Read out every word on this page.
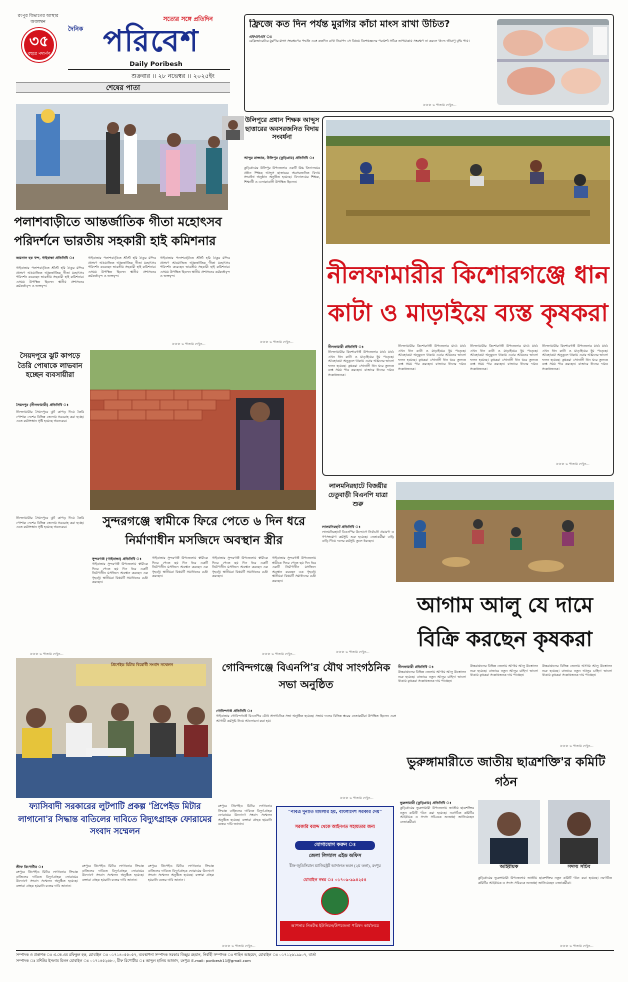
রংপুর বিভাগের আস্থার অবলম্বন
৩৫
বছরে পদার্পণ
সত্যের সঙ্গে প্রতিদিন
দৈনিক পরিবেশ
Daily Poribesh
শুক্রবার ।। ২৮ নভেম্বর ।। ২০২৫ইং
শেষের পাতা
ফ্রিজে কত দিন পর্যন্ত মুরগির কাঁচা মাংস রাখা উচিত?
এফএনএস ঃ
রেফ্রিজারেটরে মুরগির মাংস সংরক্ষণের পদ্ধতি এবং কতদিন রাখা নিরাপদ সে বিষয়ে বিশেষজ্ঞদের পরামর্শ। সঠিক তাপমাত্রায় সংরক্ষণ না করলে খাদ্যে জীবাণু বৃদ্ধি পায়।
>>> ৬ পাতায় দেখুন...
পলাশবাড়ীতে আন্তর্জাতিক গীতা মহোৎসব পরিদর্শনে ভারতীয় সহকারী হাই কমিশনার
জয়নাল হক খন্দ, গাইবান্ধা প্রতিনিধি ঃ
গাইবান্ধার পলাশবাড়ীতে শ্রীশ্রী হরি ঠাকুর মন্দির প্রাঙ্গণে আয়োজিত আন্তর্জাতিক গীতা মহোৎসব পরিদর্শন করেছেন ভারতীয় সহকারী হাই কমিশনার। এসময় উপস্থিত ছিলেন স্থানীয় প্রশাসনের কর্মকর্তাবৃন্দ ও ভক্তবৃন্দ।
গাইবান্ধার পলাশবাড়ীতে শ্রীশ্রী হরি ঠাকুর মন্দির প্রাঙ্গণে আয়োজিত আন্তর্জাতিক গীতা মহোৎসব পরিদর্শন করেছেন ভারতীয় সহকারী হাই কমিশনার। এসময় উপস্থিত ছিলেন স্থানীয় প্রশাসনের কর্মকর্তাবৃন্দ ও ভক্তবৃন্দ।
গাইবান্ধার পলাশবাড়ীতে শ্রীশ্রী হরি ঠাকুর মন্দির প্রাঙ্গণে আয়োজিত আন্তর্জাতিক গীতা মহোৎসব পরিদর্শন করেছেন ভারতীয় সহকারী হাই কমিশনার। এসময় উপস্থিত ছিলেন স্থানীয় প্রশাসনের কর্মকর্তাবৃন্দ ও ভক্তবৃন্দ।
>>> ৬ পাতায় দেখুন...
উলিপুরে প্রধান শিক্ষক আব্দুস ছাত্তারের অবসরজনিত বিদায় সংবর্ধনা
আব্দুর রাজ্জাক, উলিপুর (কুড়িগ্রাম) প্রতিনিধি ঃ
কুড়িগ্রামের উলিপুর উপজেলার একটি উচ্চ বিদ্যালয়ের প্রধান শিক্ষক আব্দুস ছাত্তারের অবসরজনিত বিদায় সংবর্ধনা অনুষ্ঠান অনুষ্ঠিত হয়েছে। বিদ্যালয়ের শিক্ষক, শিক্ষার্থী ও এলাকাবাসী উপস্থিত ছিলেন।
>>> ৬ পাতায় দেখুন...
নীলফামারীর কিশোরগঞ্জে ধান কাটা ও মাড়াইয়ে ব্যস্ত কৃষকরা
নীলফামারী প্রতিনিধি ঃ
নীলফামারীর কিশোরগঞ্জ উপজেলার মাঠে মাঠে এখন ধান কাটা ও মাড়াইয়ের ধুম পড়েছে। আবহাওয়া অনুকূলে থাকায় এবার আমনের ভালো ফলন হয়েছে। কৃষকরা সোনালী ধান ঘরে তুলতে ব্যস্ত সময় পার করছেন। বাজারে ধানের দামও সন্তোষজনক।
নীলফামারীর কিশোরগঞ্জ উপজেলার মাঠে মাঠে এখন ধান কাটা ও মাড়াইয়ের ধুম পড়েছে। আবহাওয়া অনুকূলে থাকায় এবার আমনের ভালো ফলন হয়েছে। কৃষকরা সোনালী ধান ঘরে তুলতে ব্যস্ত সময় পার করছেন। বাজারে ধানের দামও সন্তোষজনক।
নীলফামারীর কিশোরগঞ্জ উপজেলার মাঠে মাঠে এখন ধান কাটা ও মাড়াইয়ের ধুম পড়েছে। আবহাওয়া অনুকূলে থাকায় এবার আমনের ভালো ফলন হয়েছে। কৃষকরা সোনালী ধান ঘরে তুলতে ব্যস্ত সময় পার করছেন। বাজারে ধানের দামও সন্তোষজনক।
নীলফামারীর কিশোরগঞ্জ উপজেলার মাঠে মাঠে এখন ধান কাটা ও মাড়াইয়ের ধুম পড়েছে। আবহাওয়া অনুকূলে থাকায় এবার আমনের ভালো ফলন হয়েছে। কৃষকরা সোনালী ধান ঘরে তুলতে ব্যস্ত সময় পার করছেন। বাজারে ধানের দামও সন্তোষজনক।
>>> ৬ পাতায় দেখুন...
সৈয়দপুরে ঝুট কাপড়ে তৈরি পোষাকে লাভবান হচ্ছেন ব্যবসায়ীরা
সৈয়দপুর (নীলফামারী) প্রতিনিধি ঃ
নীলফামারীর সৈয়দপুরে ঝুট কাপড় দিয়ে তৈরি পোশাক দেশের বিভিন্ন জেলায় সরবরাহ করা হচ্ছে। এতে কর্মসংস্থান সৃষ্টি হয়েছে অনেকের।
সুন্দরগঞ্জে স্বামীকে ফিরে পেতে ৬ দিন ধরে নির্মাণাধীন মসজিদে অবস্থান স্ত্রীর
সুন্দরগঞ্জ (গাইবান্ধা) প্রতিনিধি ঃ
গাইবান্ধার সুন্দরগঞ্জ উপজেলায় স্বামীকে ফিরে পেতে ছয় দিন ধরে একটি নির্মাণাধীন মসজিদে অবস্থান করছেন এক গৃহবধূ। স্থানীয়রা বিষয়টি সমাধানের চেষ্টা করছেন।
গাইবান্ধার সুন্দরগঞ্জ উপজেলায় স্বামীকে ফিরে পেতে ছয় দিন ধরে একটি নির্মাণাধীন মসজিদে অবস্থান করছেন এক গৃহবধূ। স্থানীয়রা বিষয়টি সমাধানের চেষ্টা করছেন।
গাইবান্ধার সুন্দরগঞ্জ উপজেলায় স্বামীকে ফিরে পেতে ছয় দিন ধরে একটি নির্মাণাধীন মসজিদে অবস্থান করছেন এক গৃহবধূ। স্থানীয়রা বিষয়টি সমাধানের চেষ্টা করছেন।
গাইবান্ধার সুন্দরগঞ্জ উপজেলায় স্বামীকে ফিরে পেতে ছয় দিন ধরে একটি নির্মাণাধীন মসজিদে অবস্থান করছেন এক গৃহবধূ। স্থানীয়রা বিষয়টি সমাধানের চেষ্টা করছেন।
>>> ৬ পাতায় দেখুন...
নীলফামারীর সৈয়দপুরে ঝুট কাপড় দিয়ে তৈরি পোশাক দেশের বিভিন্ন জেলায় সরবরাহ করা হচ্ছে। এতে কর্মসংস্থান সৃষ্টি হয়েছে অনেকের।
>>> ৬ পাতায় দেখুন...
লালমনিরহাটে বিজয়ীর চেতুবাড়ী বিএনপি যাত্রা শুরু
লালমনিরহাট প্রতিনিধি ঃ
লালমনিরহাটে বিএনপির উদ্যোগে নির্বাচনী প্রচারণা ও গণসংযোগ কর্মসূচি শুরু হয়েছে। নেতাকর্মীরা বাড়ি বাড়ি গিয়ে দলের কর্মসূচি তুলে ধরছেন।
>>> ৬ পাতায় দেখুন...
আগাম আলু যে দামে বিক্রি করছেন কৃষকরা
নীলফামারী প্রতিনিধি ঃ
উত্তরাঞ্চলের বিভিন্ন জেলায় আগাম আলু উত্তোলন শুরু হয়েছে। বাজারে নতুন আলুর চাহিদা ভালো থাকায় কৃষকরা সন্তোষজনক দাম পাচ্ছেন।
উত্তরাঞ্চলের বিভিন্ন জেলায় আগাম আলু উত্তোলন শুরু হয়েছে। বাজারে নতুন আলুর চাহিদা ভালো থাকায় কৃষকরা সন্তোষজনক দাম পাচ্ছেন।
উত্তরাঞ্চলের বিভিন্ন জেলায় আগাম আলু উত্তোলন শুরু হয়েছে। বাজারে নতুন আলুর চাহিদা ভালো থাকায় কৃষকরা সন্তোষজনক দাম পাচ্ছেন।
>>> ৬ পাতায় দেখুন...
প্রিপেইড মিটার বিরোধী সংবাদ সম্মেলন
ফ্যাসিবাদী সরকারের লুটপাটি প্রকল্প 'প্রিপেইড মিটার লাগানো'র সিদ্ধান্ত বাতিলের দাবিতে বিদ্যুৎগ্রাহক ফোরামের সংবাদ সম্মেলন
স্টাফ রিপোর্টার ঃ
রংপুরে প্রিপেইড মিটার লাগানোর সিদ্ধান্ত বাতিলের দাবিতে বিদ্যুৎগ্রাহক ফোরামের উদ্যোগে সংবাদ সম্মেলন অনুষ্ঠিত হয়েছে। বক্তারা গ্রাহক হয়রানি বন্ধের দাবি জানান।
রংপুরে প্রিপেইড মিটার লাগানোর সিদ্ধান্ত বাতিলের দাবিতে বিদ্যুৎগ্রাহক ফোরামের উদ্যোগে সংবাদ সম্মেলন অনুষ্ঠিত হয়েছে। বক্তারা গ্রাহক হয়রানি বন্ধের দাবি জানান।
রংপুরে প্রিপেইড মিটার লাগানোর সিদ্ধান্ত বাতিলের দাবিতে বিদ্যুৎগ্রাহক ফোরামের উদ্যোগে সংবাদ সম্মেলন অনুষ্ঠিত হয়েছে। বক্তারা গ্রাহক হয়রানি বন্ধের দাবি জানান।
রংপুরে প্রিপেইড মিটার লাগানোর সিদ্ধান্ত বাতিলের দাবিতে বিদ্যুৎগ্রাহক ফোরামের উদ্যোগে সংবাদ সম্মেলন অনুষ্ঠিত হয়েছে। বক্তারা গ্রাহক হয়রানি বন্ধের দাবি জানান।
>>> ৬ পাতায় দেখুন...
গোবিন্দগঞ্জে বিএনপি'র যৌথ সাংগঠনিক সভা অনুষ্ঠিত
গোবিন্দগঞ্জ প্রতিনিধি ঃ
গাইবান্ধার গোবিন্দগঞ্জে বিএনপির যৌথ সাংগঠনিক সভা অনুষ্ঠিত হয়েছে। সভায় দলের বিভিন্ন স্তরের নেতাকর্মীরা উপস্থিত ছিলেন এবং আগামী কর্মসূচি নিয়ে আলোচনা করা হয়।
>>> ৬ পাতায় দেখুন...
"পবিত্র দুর্নীতি মামলার হয়, বাংলাদেশ সরকার দেয়"
সরকারি বরাদ্দ থেকে আইনগত সহায়তার জন্য
যোগাযোগ করুন ঃ
জেলা লিগ্যাল এইড অফিস
চীফ জুডিসিয়াল ম্যাজিস্ট্রেট আদালত ভবন (২য় তলা), রংপুর
মোবাইল নম্বর ঃ ০১৭০৯-৯৯৪২৫৪
আপনার নিকটস্থ ইউনিয়ন/উপজেলা পরিষদ কার্যালয়ে
ভুরুঙ্গামারীতে জাতীয় ছাত্রশক্তি'র কমিটি গঠন
ভুরুঙ্গামারী (কুড়িগ্রাম) প্রতিনিধি ঃ
কুড়িগ্রামের ভুরুঙ্গামারী উপজেলায় জাতীয় ছাত্রশক্তির নতুন কমিটি গঠন করা হয়েছে। নবগঠিত কমিটির আহ্বায়ক ও সদস্য সচিবকে শুভেচ্ছা জানিয়েছেন নেতাকর্মীরা।
কুড়িগ্রামের ভুরুঙ্গামারী উপজেলায় জাতীয় ছাত্রশক্তির নতুন কমিটি গঠন করা হয়েছে। নবগঠিত কমিটির আহ্বায়ক ও সদস্য সচিবকে শুভেচ্ছা জানিয়েছেন নেতাকর্মীরা।
আহ্বায়ক	সদস্য সচিব
>>> ৬ পাতায় দেখুন...
সম্পাদক ও প্রকাশক ঃ এ.কে.এম রফিকুল হক, মোবাইল ঃ ০১৭১৪০৫৫০৫৭, ব্যবস্থাপনা সম্পাদক সরকার জিল্লুর রহমান, নির্বাহী সম্পাদক ঃ শাহিন আহমেদ, মোবাইল ঃ ০১৭১২৬১৯৯০৭, বার্তা
সম্পাদক ঃ মশিউর ইসলাম মিলন মোবাইল ঃ ০১৭১৪৫২৬৮০, চীফ রিপোর্টার ঃ আব্দুল হালিম আজাদ, রংপুর। E-mail: poribesh11@gmail.com
